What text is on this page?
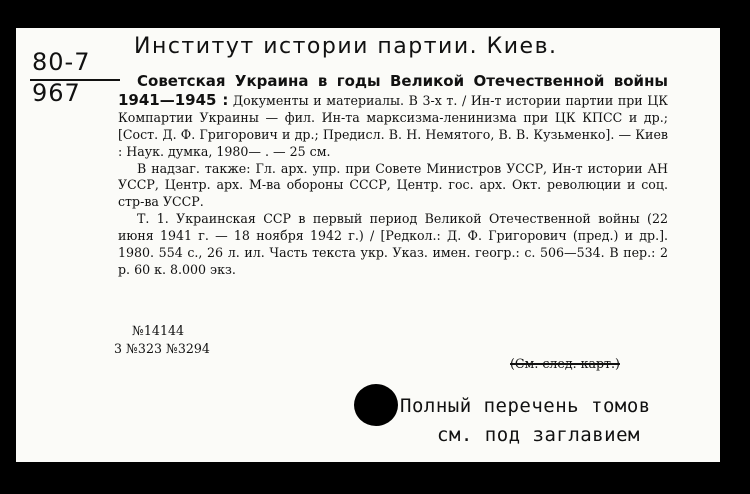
80-7
967
Институт истории партии. Киев.

Советская Украина в годы Великой Отечественной войны 1941—1945 : Документы и материалы. В 3-х т. / Ин-т истории партии при ЦК Компартии Украины — фил. Ин-та марксизма-ленинизма при ЦК КПСС и др.; [Сост. Д. Ф. Григорович и др.; Предисл. В. Н. Немятого, В. В. Кузьменко]. — Киев : Наук. думка, 1980— . — 25 см.

В надзаг. также: Гл. арх. упр. при Совете Министров УССР, Ин-т истории АН УССР, Центр. арх. М-ва обороны СССР, Центр. гос. арх. Окт. революции и соц. стр-ва УССР.

Т. 1. Украинская ССР в первый период Великой Отечественной войны (22 июня 1941 г. — 18 ноября 1942 г.) / [Редкол.: Д. Ф. Григорович (пред.) и др.]. 1980. 554 с., 26 л. ил. Часть текста укр. Указ. имен. геогр.: с. 506—534. В пер.: 2 р. 60 к. 8.000 экз.

№14144
3 №323 №3294
(См. след. карт.)
Полный перечень томов
см. под заглавием
